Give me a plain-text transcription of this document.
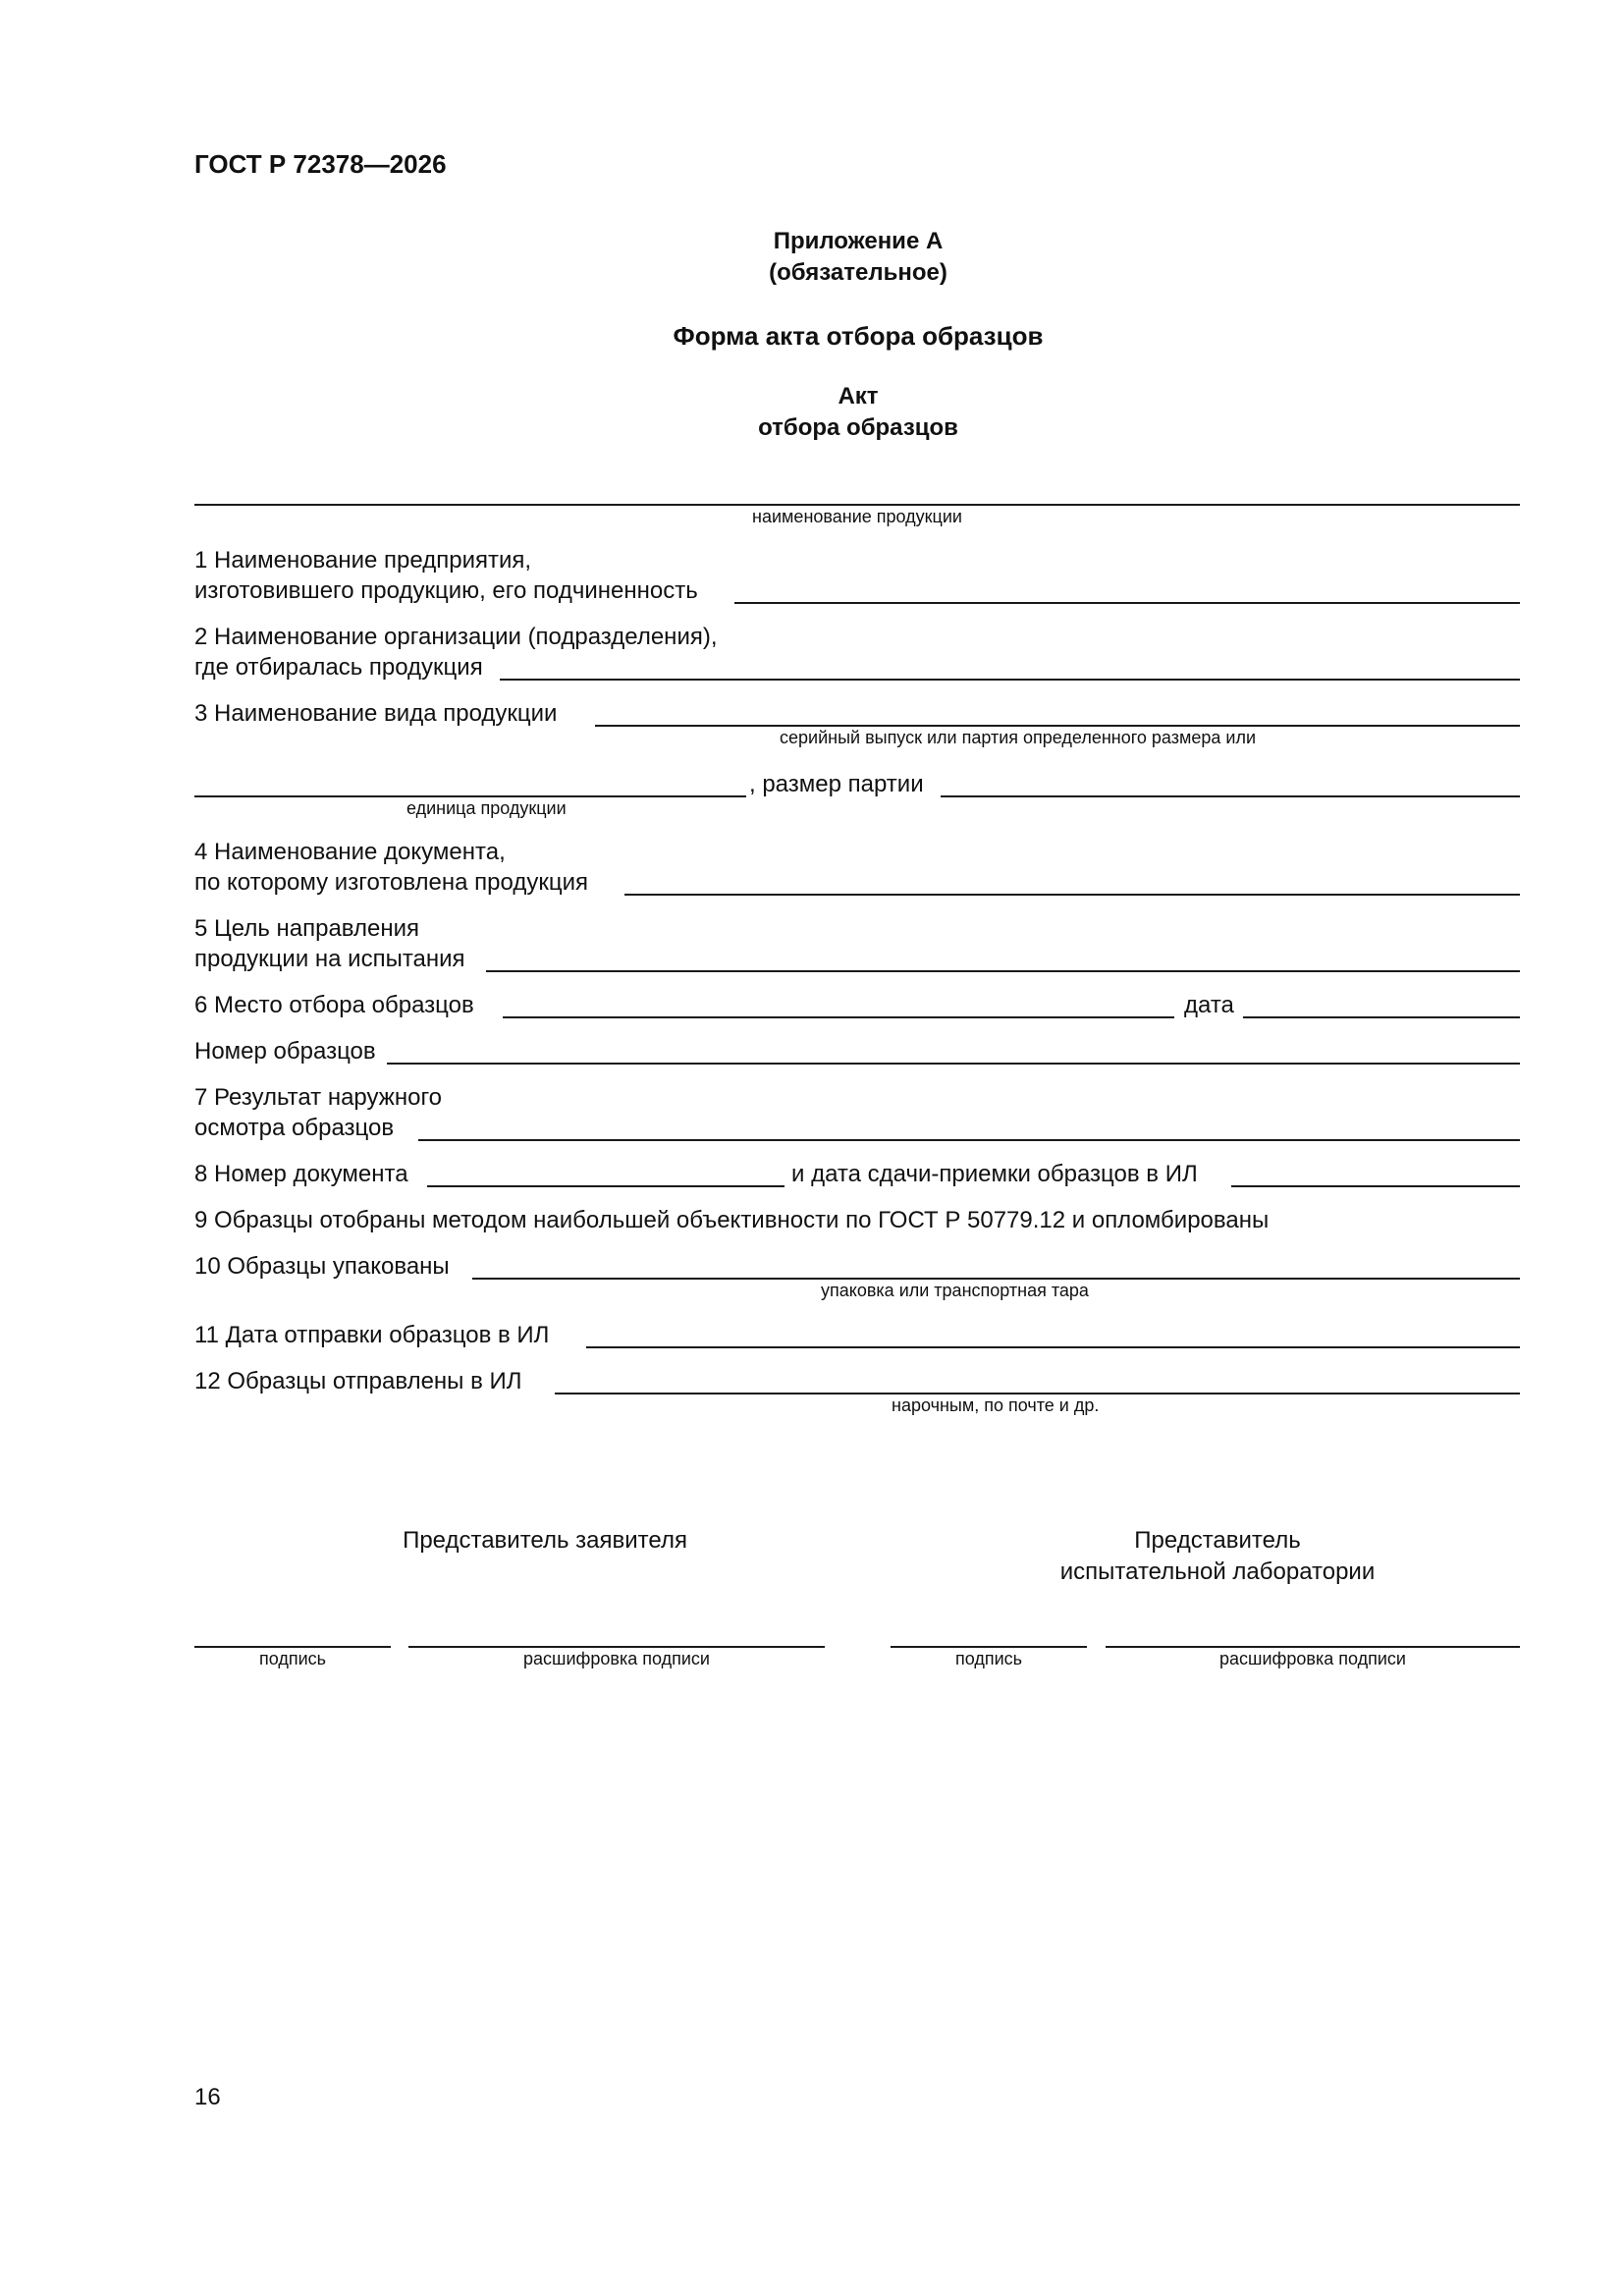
ГОСТ Р 72378—2026
Приложение А
(обязательное)
Форма акта отбора образцов
Акт
отбора образцов
наименование продукции
1 Наименование предприятия,
изготовившего продукцию, его подчиненность
2 Наименование организации (подразделения),
где отбиралась продукция
3 Наименование вида продукции
серийный выпуск или партия определенного размера или
, размер партии
единица продукции
4 Наименование документа,
по которому изготовлена продукция
5 Цель направления
продукции на испытания
6 Место отбора образцов	дата
Номер образцов
7 Результат наружного
осмотра образцов
8 Номер документа	и дата сдачи-приемки образцов в ИЛ
9 Образцы отобраны методом наибольшей объективности по ГОСТ Р 50779.12 и опломбированы
10 Образцы упакованы
упаковка или транспортная тара
11 Дата отправки образцов в ИЛ
12 Образцы отправлены в ИЛ
нарочным, по почте и др.
Представитель заявителя	Представитель
испытательной лаборатории
подпись	расшифровка подписи	подпись	расшифровка подписи
16
